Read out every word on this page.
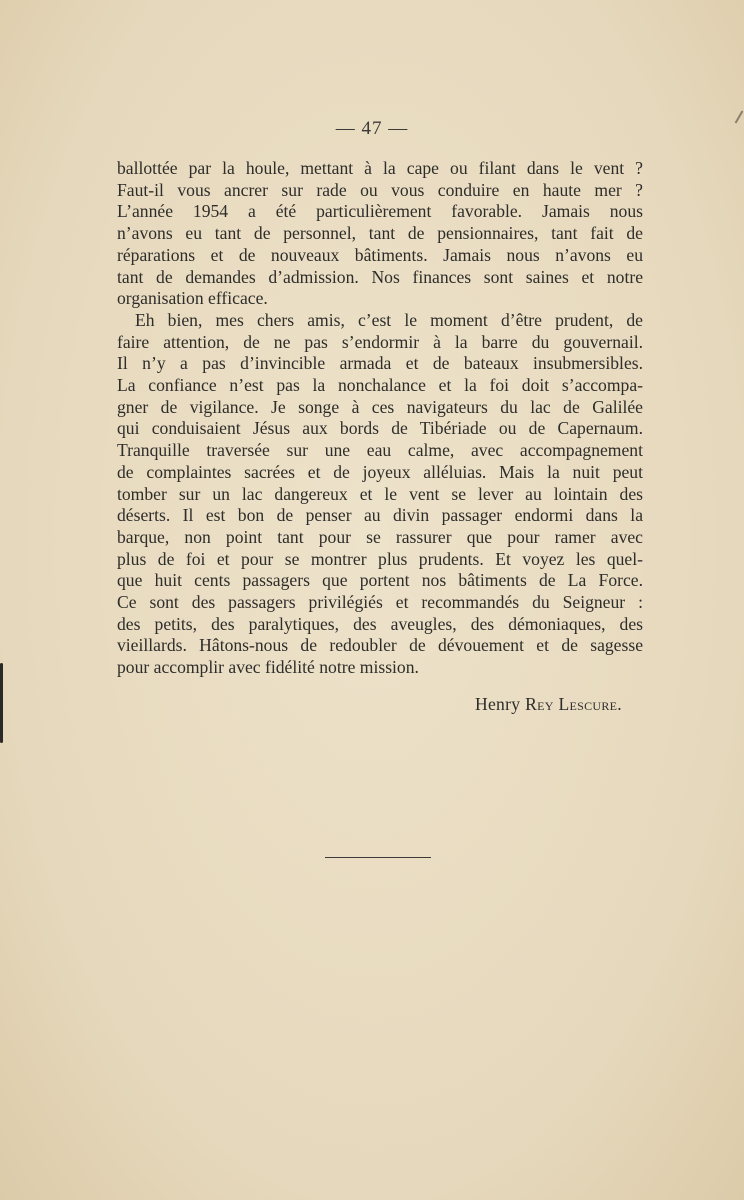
— 47 —

ballottée par la houle, mettant à la cape ou filant dans le vent ?
Faut-il vous ancrer sur rade ou vous conduire en haute mer ?
L’année 1954 a été particulièrement favorable. Jamais nous
n’avons eu tant de personnel, tant de pensionnaires, tant fait de
réparations et de nouveaux bâtiments. Jamais nous n’avons eu
tant de demandes d’admission. Nos finances sont saines et notre
organisation efficace.

Eh bien, mes chers amis, c’est le moment d’être prudent, de
faire attention, de ne pas s’endormir à la barre du gouvernail.
Il n’y a pas d’invincible armada et de bateaux insubmersibles.
La confiance n’est pas la nonchalance et la foi doit s’accompa-
gner de vigilance. Je songe à ces navigateurs du lac de Galilée
qui conduisaient Jésus aux bords de Tibériade ou de Capernaum.
Tranquille traversée sur une eau calme, avec accompagnement
de complaintes sacrées et de joyeux alléluias. Mais la nuit peut
tomber sur un lac dangereux et le vent se lever au lointain des
déserts. Il est bon de penser au divin passager endormi dans la
barque, non point tant pour se rassurer que pour ramer avec
plus de foi et pour se montrer plus prudents. Et voyez les quel-
que huit cents passagers que portent nos bâtiments de La Force.
Ce sont des passagers privilégiés et recommandés du Seigneur :
des petits, des paralytiques, des aveugles, des démoniaques, des
vieillards. Hâtons-nous de redoubler de dévouement et de sagesse
pour accomplir avec fidélité notre mission.

Henry Rey Lescure.
